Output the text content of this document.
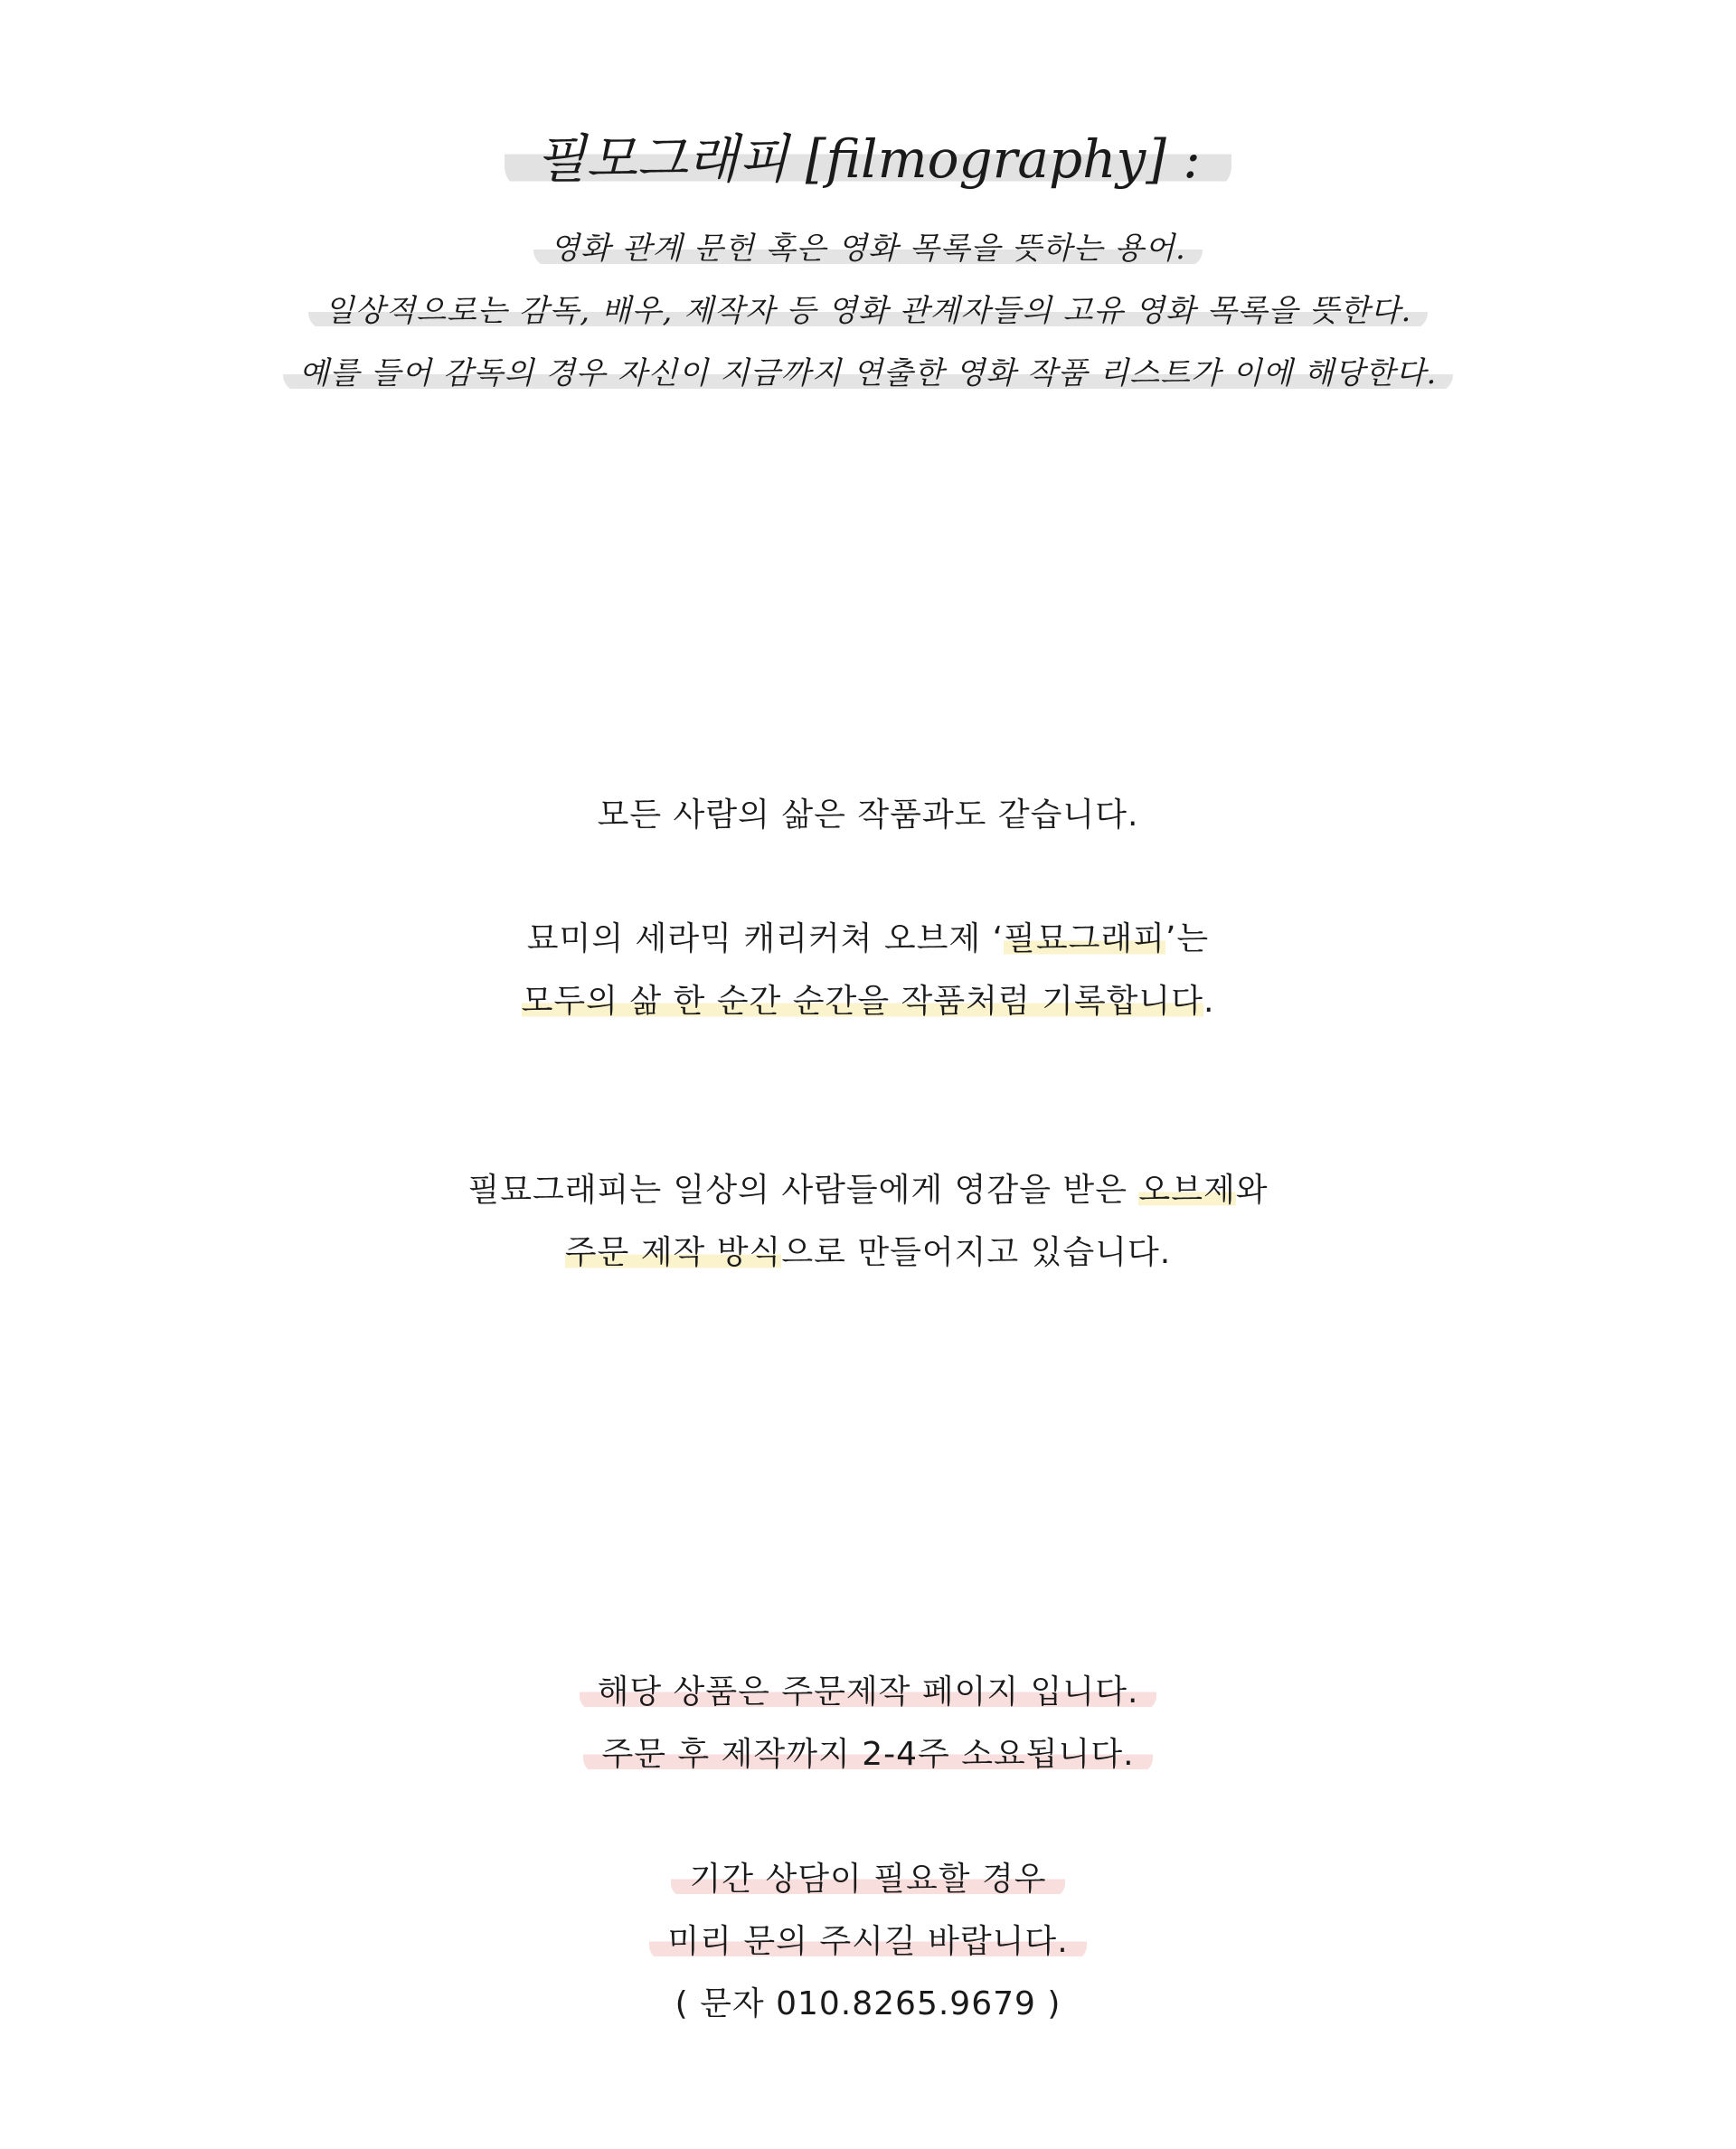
필모그래피 [filmography] :
영화 관계 문헌 혹은 영화 목록을 뜻하는 용어.
일상적으로는 감독, 배우, 제작자 등 영화 관계자들의 고유 영화 목록을 뜻한다.
예를 들어 감독의 경우 자신이 지금까지 연출한 영화 작품 리스트가 이에 해당한다.
모든 사람의 삶은 작품과도 같습니다.
묘미의 세라믹 캐리커쳐 오브제 ‘필묘그래피’는
모두의 삶 한 순간 순간을 작품처럼 기록합니다.
필묘그래피는 일상의 사람들에게 영감을 받은 오브제와
주문 제작 방식으로 만들어지고 있습니다.
해당 상품은 주문제작 페이지 입니다.
주문 후 제작까지 2-4주 소요됩니다.
기간 상담이 필요할 경우
미리 문의 주시길 바랍니다.
( 문자 010.8265.9679 )
